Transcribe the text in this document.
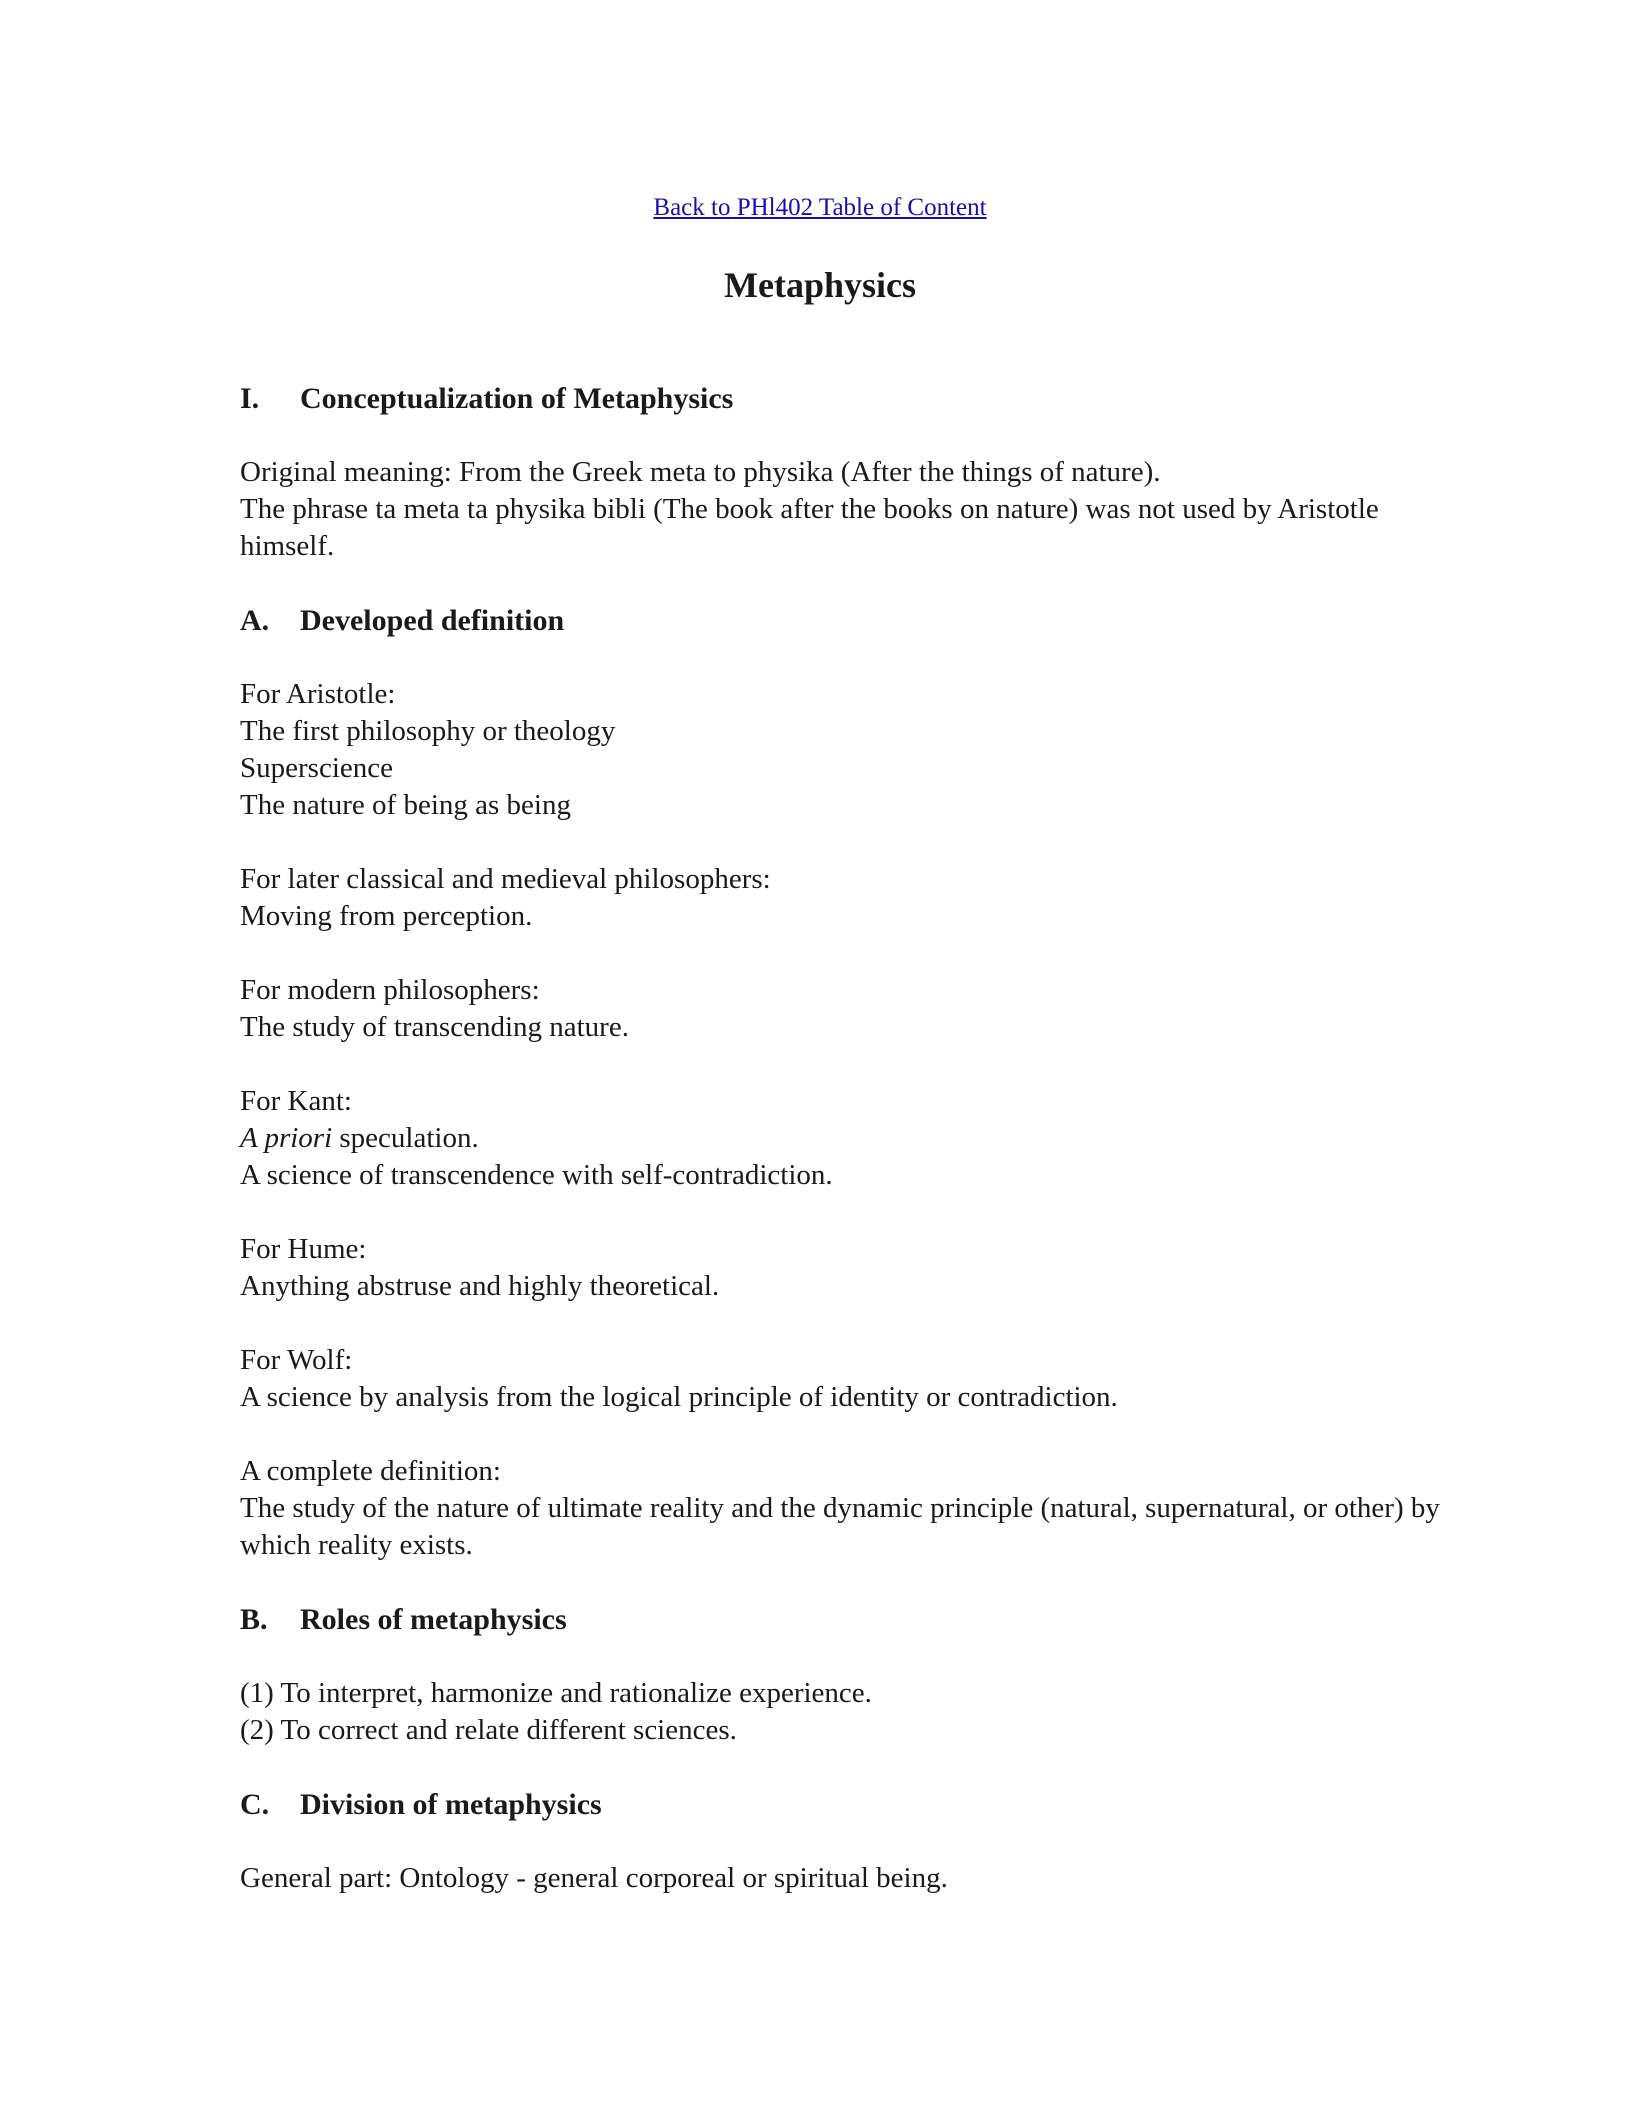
Back to PHl402 Table of Content
Metaphysics
I.	Conceptualization of Metaphysics

Original meaning: From the Greek meta to physika (After the things of nature).
The phrase ta meta ta physika bibli (The book after the books on nature) was not used by Aristotle himself.

A.	Developed definition

For Aristotle:
The first philosophy or theology
Superscience
The nature of being as being

For later classical and medieval philosophers:
Moving from perception.

For modern philosophers:
The study of transcending nature.

For Kant:
A priori speculation.
A science of transcendence with self-contradiction.

For Hume:
Anything abstruse and highly theoretical.

For Wolf:
A science by analysis from the logical principle of identity or contradiction.

A complete definition:
The study of the nature of ultimate reality and the dynamic principle (natural, supernatural, or other) by which reality exists.

B.	Roles of metaphysics

(1) To interpret, harmonize and rationalize experience.
(2) To correct and relate different sciences.

C.	Division of metaphysics

General part: Ontology - general corporeal or spiritual being.
